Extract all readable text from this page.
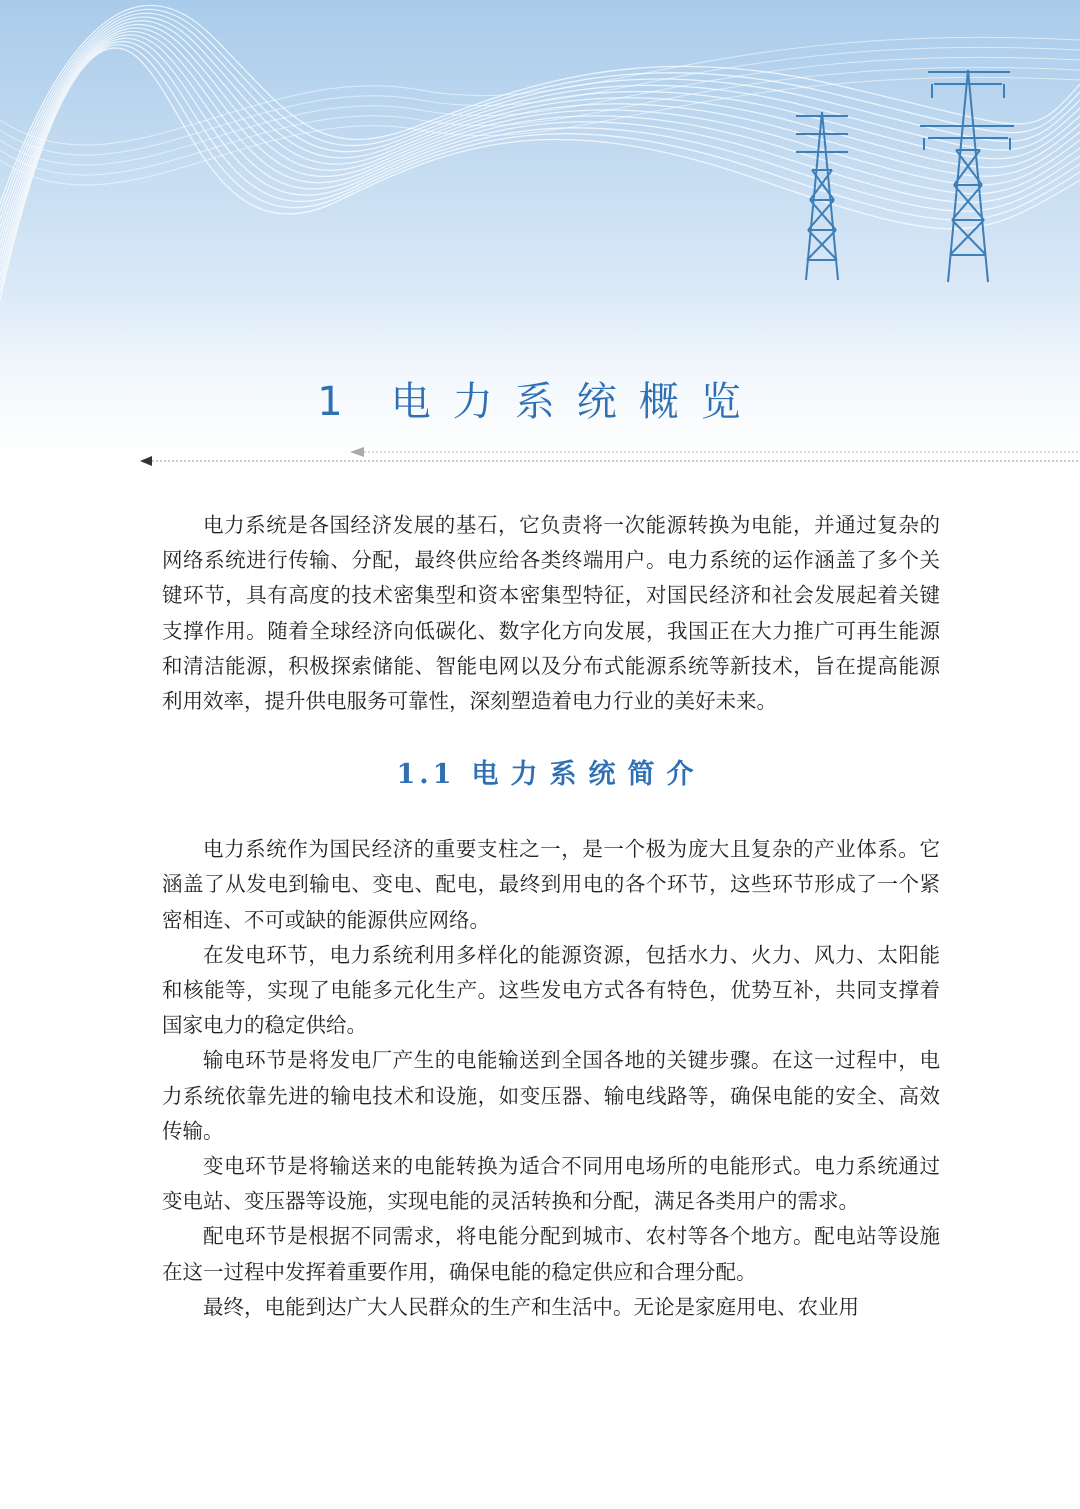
1 电力系统概览

电力系统是各国经济发展的基石，它负责将一次能源转换为电能，并通过复杂的网络系统进行传输、分配，最终供应给各类终端用户。电力系统的运作涵盖了多个关键环节，具有高度的技术密集型和资本密集型特征，对国民经济和社会发展起着关键支撑作用。随着全球经济向低碳化、数字化方向发展，我国正在大力推广可再生能源和清洁能源，积极探索储能、智能电网以及分布式能源系统等新技术，旨在提高能源利用效率，提升供电服务可靠性，深刻塑造着电力行业的美好未来。

1.1 电力系统简介

电力系统作为国民经济的重要支柱之一，是一个极为庞大且复杂的产业体系。它涵盖了从发电到输电、变电、配电，最终到用电的各个环节，这些环节形成了一个紧密相连、不可或缺的能源供应网络。

在发电环节，电力系统利用多样化的能源资源，包括水力、火力、风力、太阳能和核能等，实现了电能多元化生产。这些发电方式各有特色，优势互补，共同支撑着国家电力的稳定供给。

输电环节是将发电厂产生的电能输送到全国各地的关键步骤。在这一过程中，电力系统依靠先进的输电技术和设施，如变压器、输电线路等，确保电能的安全、高效传输。

变电环节是将输送来的电能转换为适合不同用电场所的电能形式。电力系统通过变电站、变压器等设施，实现电能的灵活转换和分配，满足各类用户的需求。

配电环节是根据不同需求，将电能分配到城市、农村等各个地方。配电站等设施在这一过程中发挥着重要作用，确保电能的稳定供应和合理分配。

最终，电能到达广大人民群众的生产和生活中。无论是家庭用电、农业用
